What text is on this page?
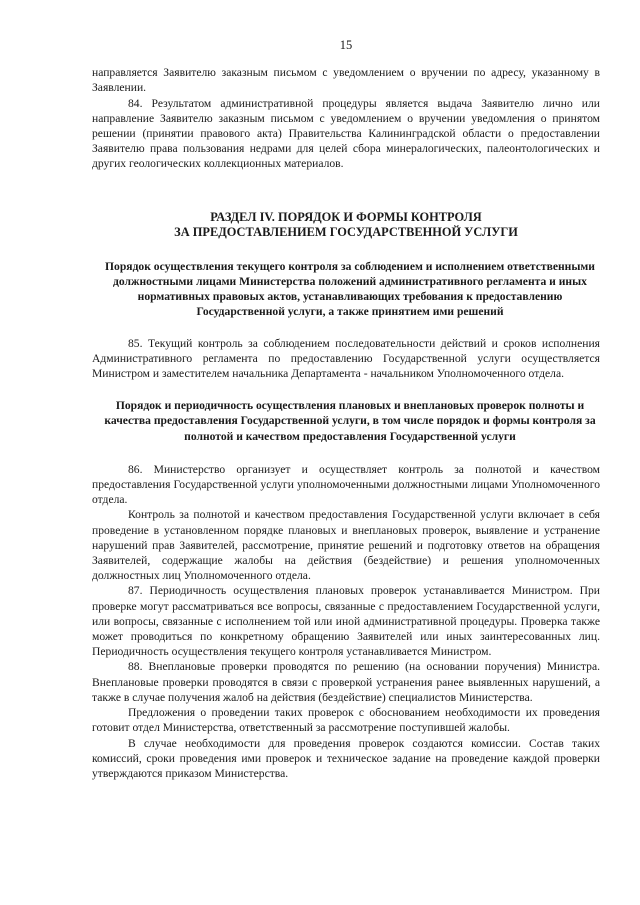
15

направляется Заявителю заказным письмом с уведомлением о вручении по адресу, указанному в Заявлении.

84. Результатом административной процедуры является выдача Заявителю лично или направление Заявителю заказным письмом с уведомлением о вручении уведомления о принятом решении (принятии правового акта) Правительства Калининградской области о предоставлении Заявителю права пользования недрами для целей сбора минералогических, палеонтологических и других геологических коллекционных материалов.

РАЗДЕЛ IV. ПОРЯДОК И ФОРМЫ КОНТРОЛЯ
ЗА ПРЕДОСТАВЛЕНИЕМ ГОСУДАРСТВЕННОЙ УСЛУГИ
Порядок осуществления текущего контроля за соблюдением и исполнением ответственными должностными лицами Министерства положений административного регламента и иных нормативных правовых актов, устанавливающих требования к предоставлению Государственной услуги, а также принятием ими решений

85. Текущий контроль за соблюдением последовательности действий и сроков исполнения Административного регламента по предоставлению Государственной услуги осуществляется Министром и заместителем начальника Департамента - начальником Уполномоченного отдела.

Порядок и периодичность осуществления плановых и внеплановых проверок полноты и качества предоставления Государственной услуги, в том числе порядок и формы контроля за полнотой и качеством предоставления Государственной услуги

86. Министерство организует и осуществляет контроль за полнотой и качеством предоставления Государственной услуги уполномоченными должностными лицами Уполномоченного отдела.

Контроль за полнотой и качеством предоставления Государственной услуги включает в себя проведение в установленном порядке плановых и внеплановых проверок, выявление и устранение нарушений прав Заявителей, рассмотрение, принятие решений и подготовку ответов на обращения Заявителей, содержащие жалобы на действия (бездействие) и решения уполномоченных должностных лиц Уполномоченного отдела.

87. Периодичность осуществления плановых проверок устанавливается Министром. При проверке могут рассматриваться все вопросы, связанные с предоставлением Государственной услуги, или вопросы, связанные с исполнением той или иной административной процедуры. Проверка также может проводиться по конкретному обращению Заявителей или иных заинтересованных лиц. Периодичность осуществления текущего контроля устанавливается Министром.

88. Внеплановые проверки проводятся по решению (на основании поручения) Министра. Внеплановые проверки проводятся в связи с проверкой устранения ранее выявленных нарушений, а также в случае получения жалоб на действия (бездействие) специалистов Министерства.

Предложения о проведении таких проверок с обоснованием необходимости их проведения готовит отдел Министерства, ответственный за рассмотрение поступившей жалобы.

В случае необходимости для проведения проверок создаются комиссии. Состав таких комиссий, сроки проведения ими проверок и техническое задание на проведение каждой проверки утверждаются приказом Министерства.
